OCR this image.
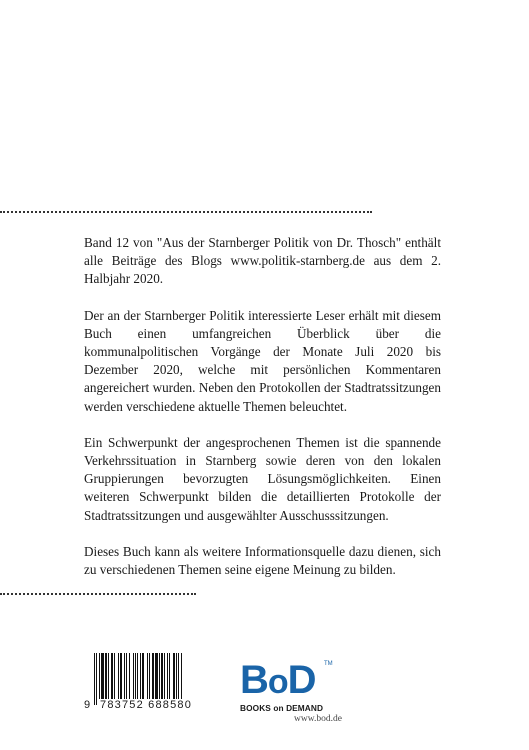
Band 12 von "Aus der Starnberger Politik von Dr. Thosch" enthält alle Beiträge des Blogs www.politik-starnberg.de aus dem 2. Halbjahr 2020.

Der an der Starnberger Politik interessierte Leser erhält mit diesem Buch einen umfangreichen Überblick über die kommunalpolitischen Vorgänge der Monate Juli 2020 bis Dezember 2020, welche mit persönlichen Kommentaren angereichert wurden. Neben den Protokollen der Stadtratssitzungen werden verschiedene aktuelle Themen beleuchtet.

Ein Schwerpunkt der angesprochenen Themen ist die spannende Verkehrssituation in Starnberg sowie deren von den lokalen Gruppierungen bevorzugten Lösungsmöglichkeiten. Einen weiteren Schwerpunkt bilden die detaillierten Protokolle der Stadtratssitzungen und ausgewählter Ausschusssitzungen.

Dieses Buch kann als weitere Informationsquelle dazu dienen, sich zu verschiedenen Themen seine eigene Meinung zu bilden.

9 783752 688580
BoD	TM
BOOKS on DEMAND
www.bod.de
